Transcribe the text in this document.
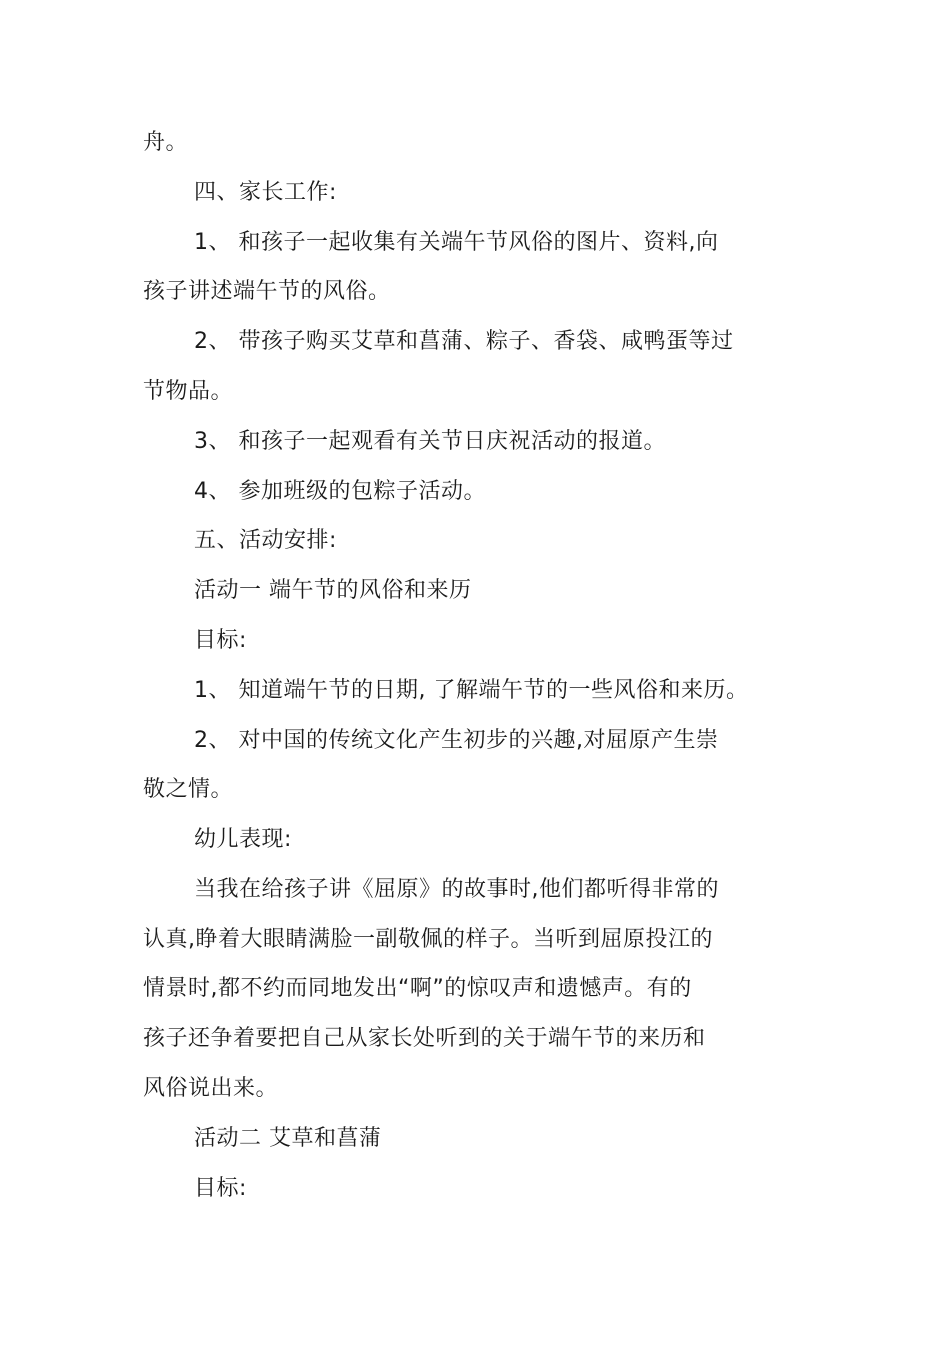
舟。
四、家长工作:
1、 和孩子一起收集有关端午节风俗的图片、资料,向
孩子讲述端午节的风俗。
2、 带孩子购买艾草和菖蒲、粽子、香袋、咸鸭蛋等过
节物品。
3、 和孩子一起观看有关节日庆祝活动的报道。
4、 参加班级的包粽子活动。
五、活动安排:
活动一 端午节的风俗和来历
目标:
1、 知道端午节的日期, 了解端午节的一些风俗和来历。
2、 对中国的传统文化产生初步的兴趣,对屈原产生崇
敬之情。
幼儿表现:
当我在给孩子讲《屈原》的故事时,他们都听得非常的
认真,睁着大眼睛满脸一副敬佩的样子。当听到屈原投江的
情景时,都不约而同地发出“啊”的惊叹声和遗憾声。有的
孩子还争着要把自己从家长处听到的关于端午节的来历和
风俗说出来。
活动二 艾草和菖蒲
目标:
